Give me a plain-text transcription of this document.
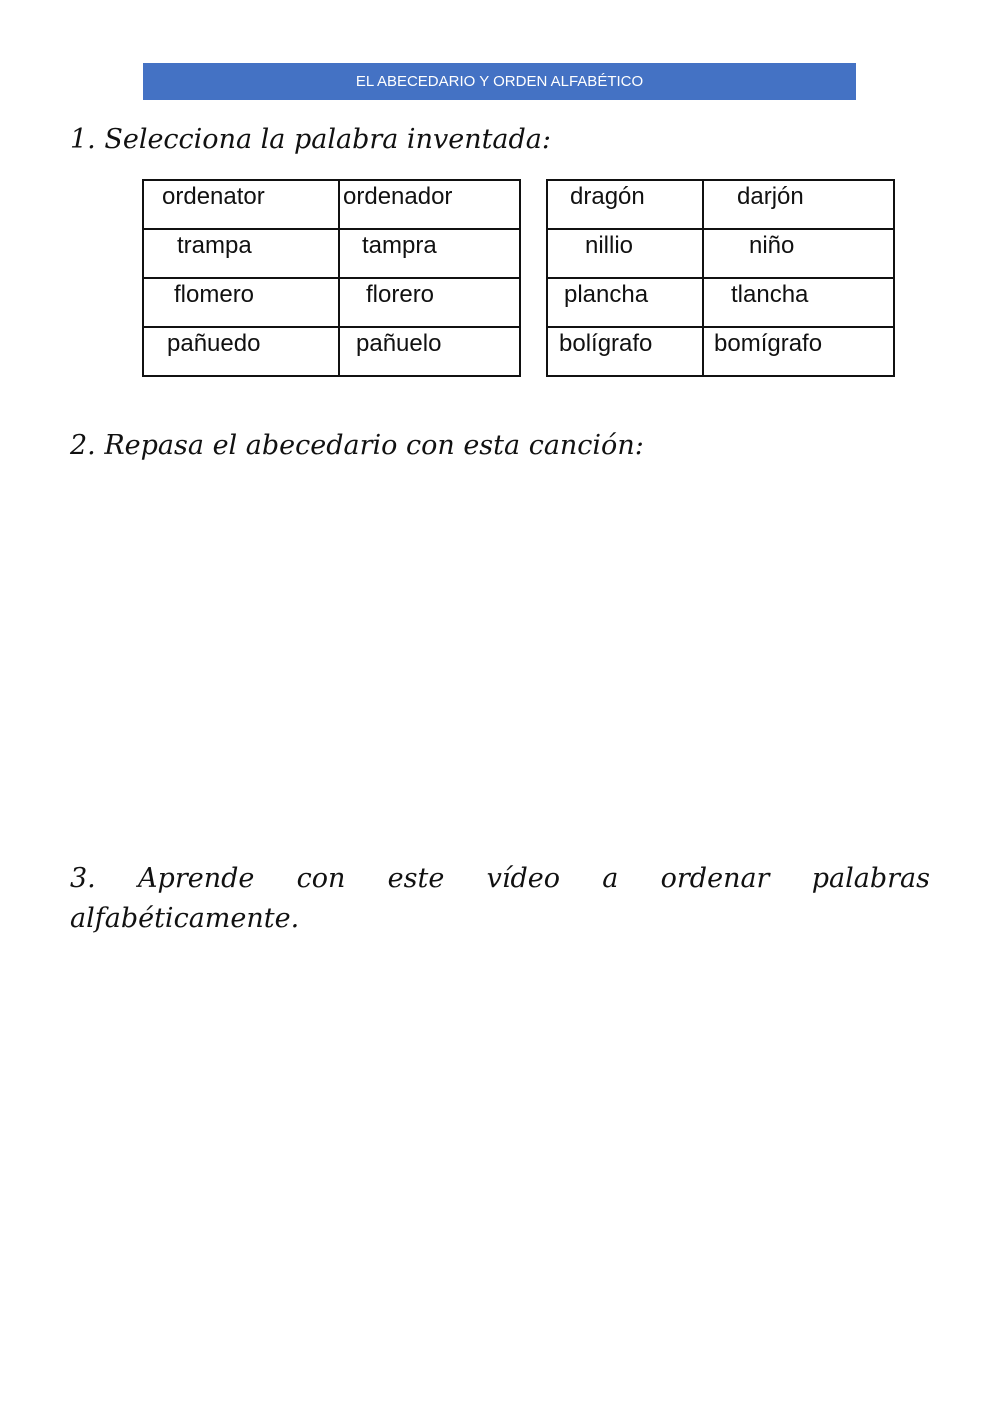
EL ABECEDARIO Y ORDEN ALFABÉTICO
1. Selecciona la palabra inventada:
ordenator	ordenador
trampa	tampra
flomero	florero
pañuedo	pañuelo
dragón	darjón
nillio	niño
plancha	tlancha
bolígrafo	bomígrafo
2. Repasa el abecedario con esta canción:
3. Aprende con este vídeo a ordenar palabras
alfabéticamente.
